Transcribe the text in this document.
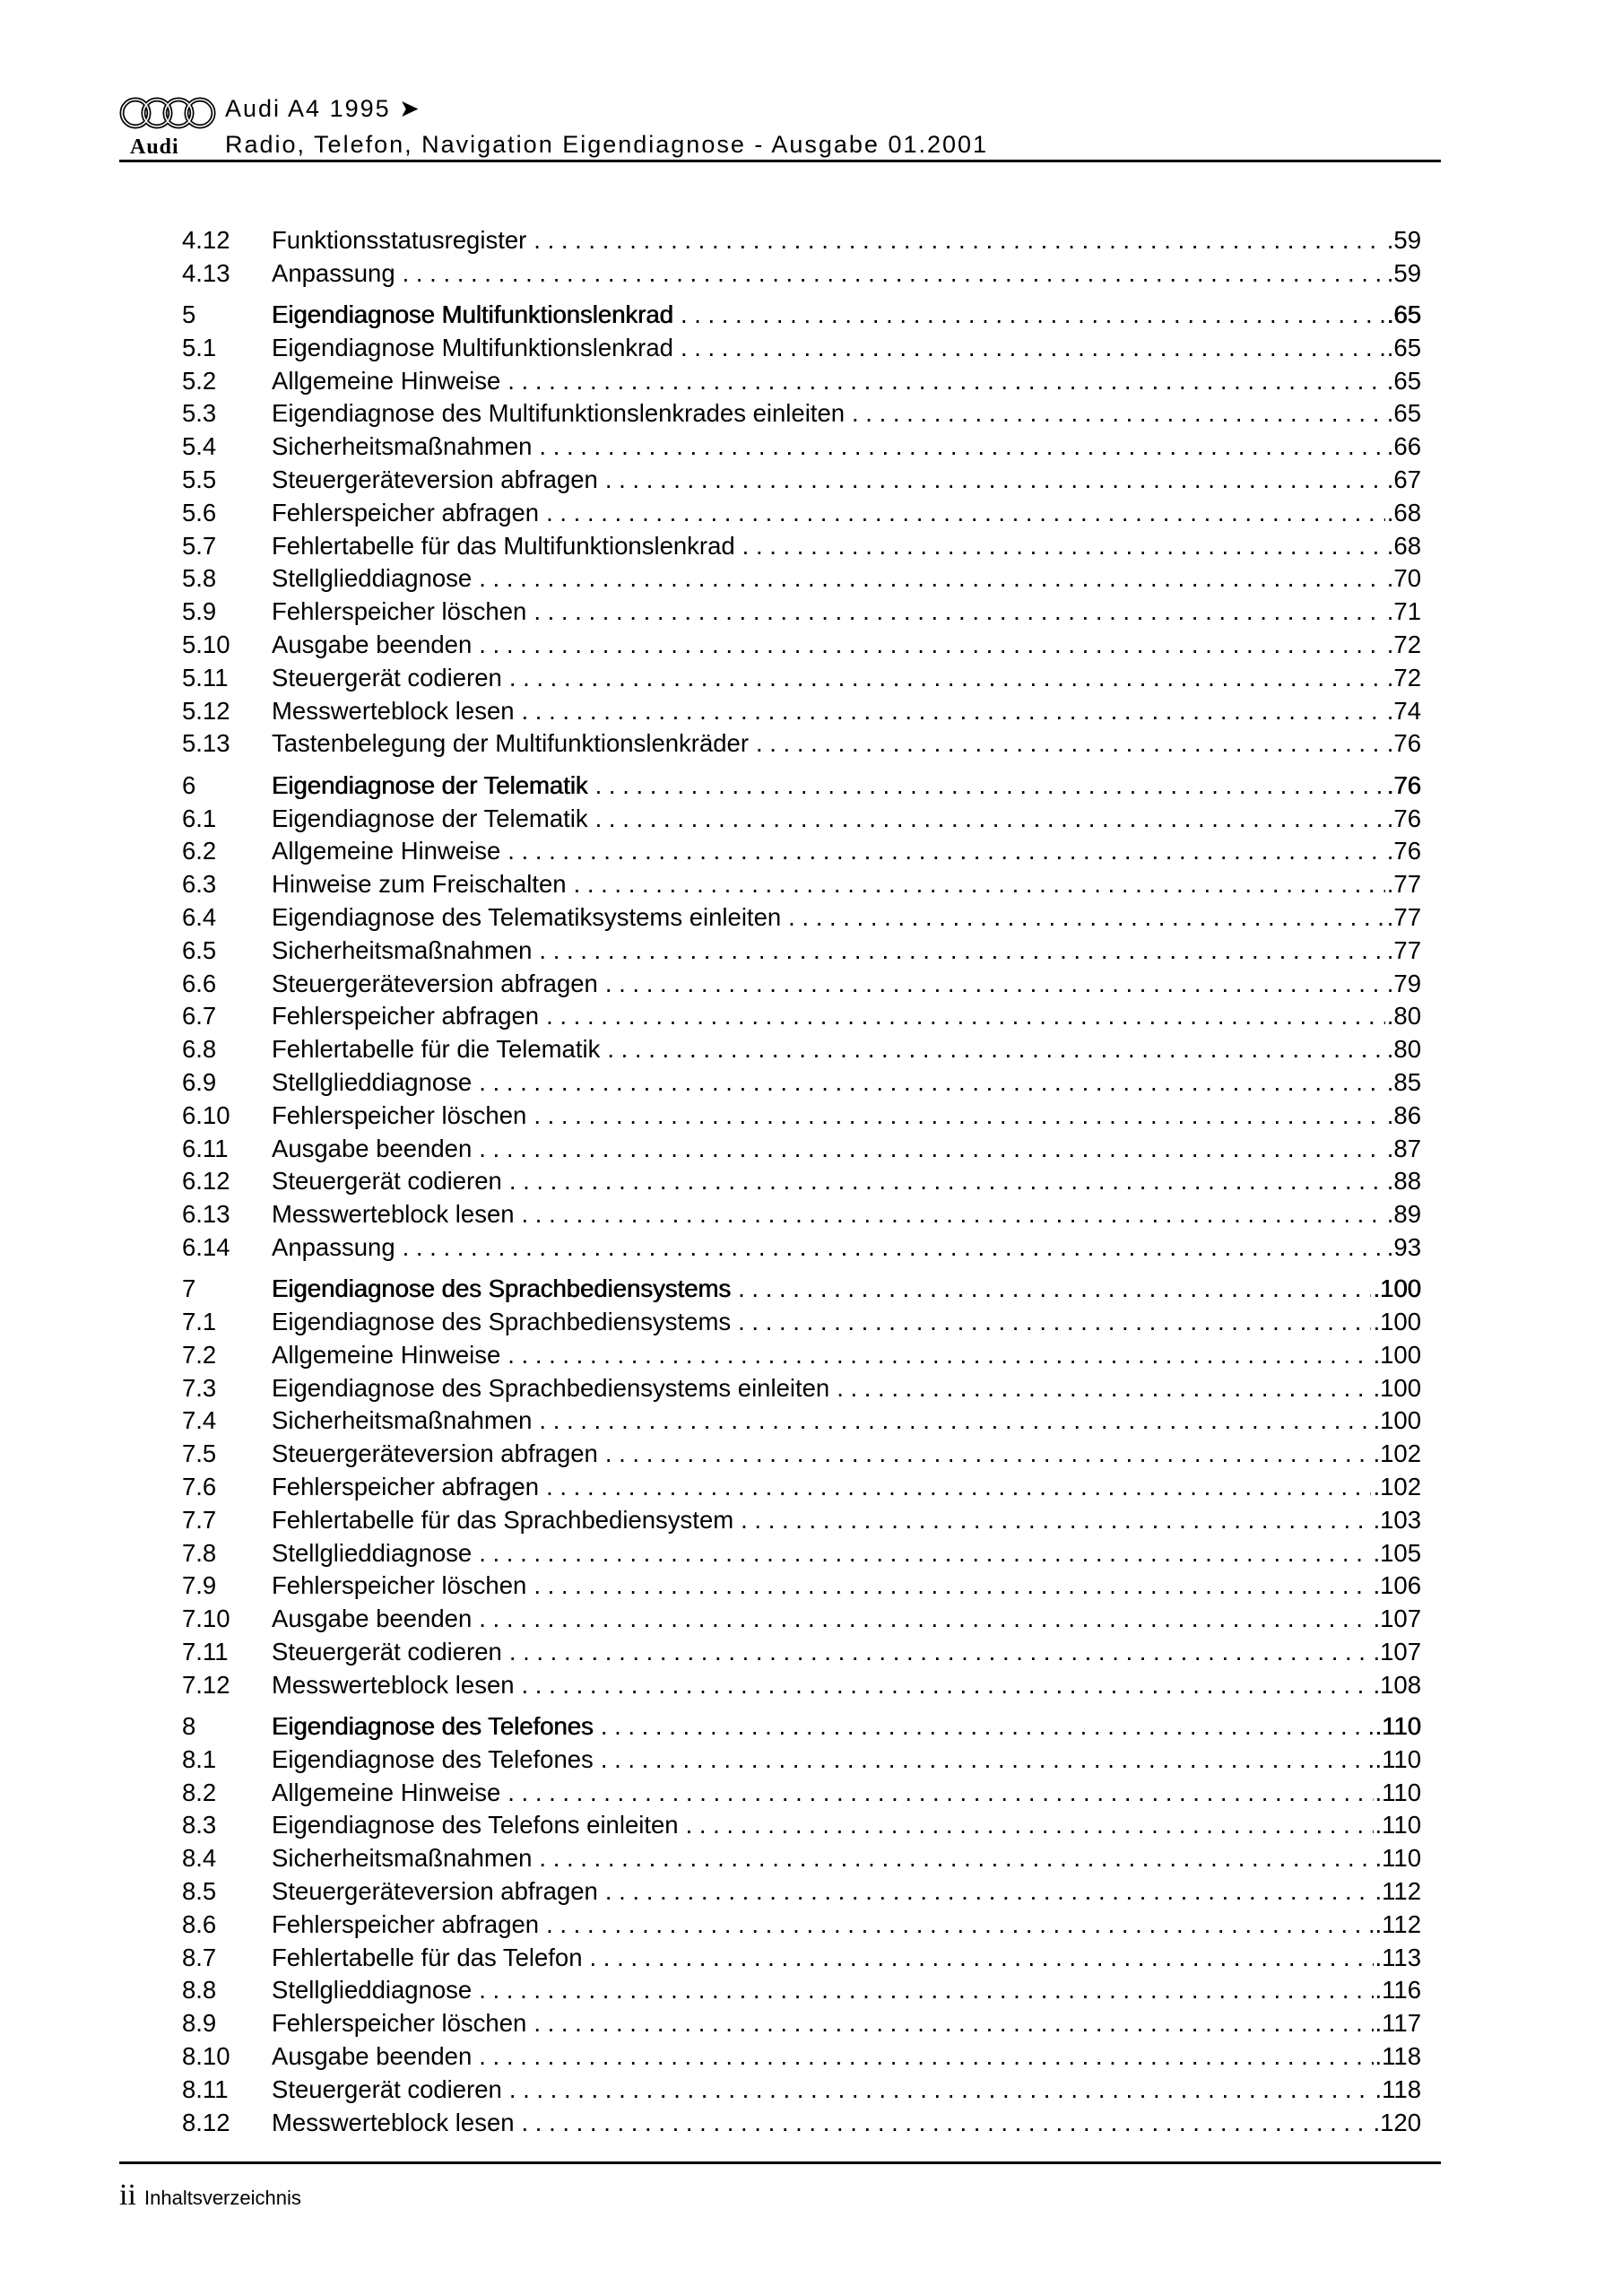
Audi
Audi A4 1995 ➤
Radio, Telefon, Navigation Eigendiagnose - Ausgabe 01.2001
4.12	Funktionsstatusregister . . .	.59
4.13	Anpassung . . .	.59
5	Eigendiagnose Multifunktionslenkrad . . .	.65
5.1	Eigendiagnose Multifunktionslenkrad . . .	.65
5.2	Allgemeine Hinweise . . .	.65
5.3	Eigendiagnose des Multifunktionslenkrades einleiten . . .	.65
5.4	Sicherheitsmaßnahmen . . .	.66
5.5	Steuergeräteversion abfragen . . .	.67
5.6	Fehlerspeicher abfragen . . .	.68
5.7	Fehlertabelle für das Multifunktionslenkrad . . .	.68
5.8	Stellglieddiagnose . . .	.70
5.9	Fehlerspeicher löschen . . .	.71
5.10	Ausgabe beenden . . .	.72
5.11	Steuergerät codieren . . .	.72
5.12	Messwerteblock lesen . . .	.74
5.13	Tastenbelegung der Multifunktionslenkräder . . .	.76
6	Eigendiagnose der Telematik . . .	.76
6.1	Eigendiagnose der Telematik . . .	.76
6.2	Allgemeine Hinweise . . .	.76
6.3	Hinweise zum Freischalten . . .	.77
6.4	Eigendiagnose des Telematiksystems einleiten . . .	.77
6.5	Sicherheitsmaßnahmen . . .	.77
6.6	Steuergeräteversion abfragen . . .	.79
6.7	Fehlerspeicher abfragen . . .	.80
6.8	Fehlertabelle für die Telematik . . .	.80
6.9	Stellglieddiagnose . . .	.85
6.10	Fehlerspeicher löschen . . .	.86
6.11	Ausgabe beenden . . .	.87
6.12	Steuergerät codieren . . .	.88
6.13	Messwerteblock lesen . . .	.89
6.14	Anpassung . . .	.93
7	Eigendiagnose des Sprachbediensystems . . .	.100
7.1	Eigendiagnose des Sprachbediensystems . . .	.100
7.2	Allgemeine Hinweise . . .	.100
7.3	Eigendiagnose des Sprachbediensystems einleiten . . .	.100
7.4	Sicherheitsmaßnahmen . . .	.100
7.5	Steuergeräteversion abfragen . . .	.102
7.6	Fehlerspeicher abfragen . . .	.102
7.7	Fehlertabelle für das Sprachbediensystem . . .	.103
7.8	Stellglieddiagnose . . .	.105
7.9	Fehlerspeicher löschen . . .	.106
7.10	Ausgabe beenden . . .	.107
7.11	Steuergerät codieren . . .	.107
7.12	Messwerteblock lesen . . .	.108
8	Eigendiagnose des Telefones . . .	.110
8.1	Eigendiagnose des Telefones . . .	.110
8.2	Allgemeine Hinweise . . .	.110
8.3	Eigendiagnose des Telefons einleiten . . .	.110
8.4	Sicherheitsmaßnahmen . . .	.110
8.5	Steuergeräteversion abfragen . . .	.112
8.6	Fehlerspeicher abfragen . . .	.112
8.7	Fehlertabelle für das Telefon . . .	.113
8.8	Stellglieddiagnose . . .	.116
8.9	Fehlerspeicher löschen . . .	.117
8.10	Ausgabe beenden . . .	.118
8.11	Steuergerät codieren . . .	.118
8.12	Messwerteblock lesen . . .	.120
ii Inhaltsverzeichnis
